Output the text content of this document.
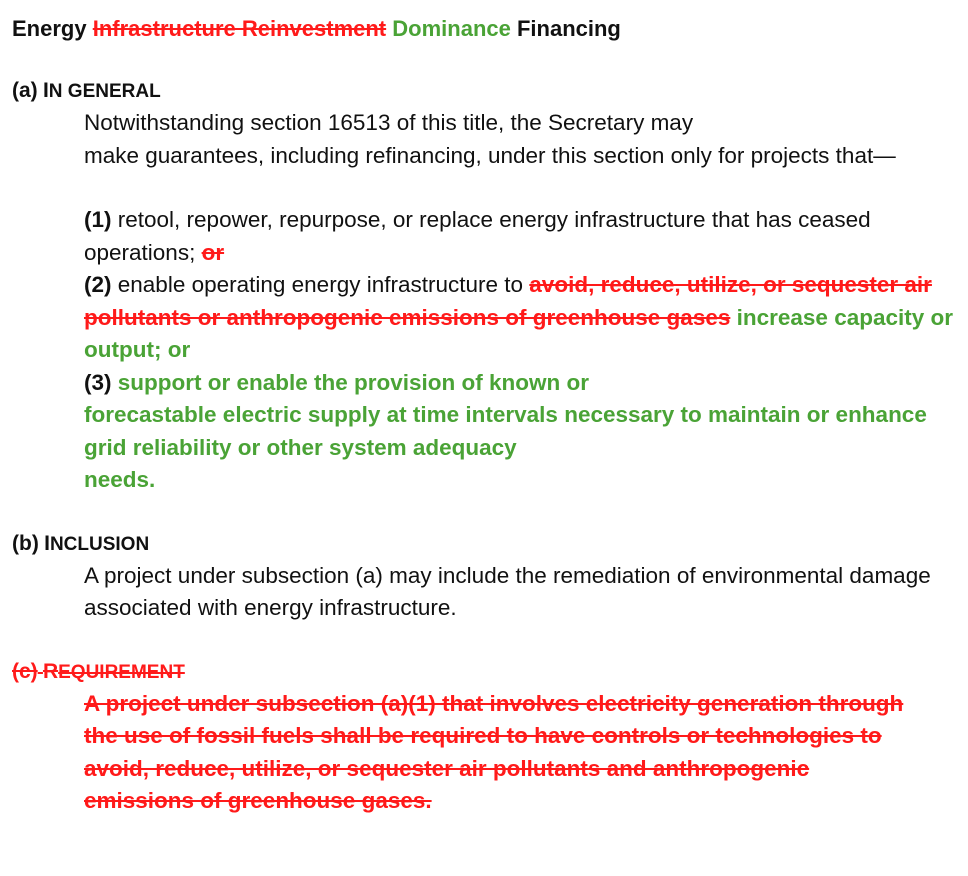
Energy Infrastructure Reinvestment Dominance Financing
(a) IN GENERAL

Notwithstanding section 16513 of this title, the Secretary may
make guarantees, including refinancing, under this section only for projects that—

(1) retool, repower, repurpose, or replace energy infrastructure that has ceased operations; or

(2) enable operating energy infrastructure to avoid, reduce, utilize, or sequester air pollutants or anthropogenic emissions of greenhouse gases increase capacity or output; or

(3) support or enable the provision of known or
forecastable electric supply at time intervals necessary to maintain or enhance grid reliability or other system adequacy
needs.

(b) INCLUSION

A project under subsection (a) may include the remediation of environmental damage associated with energy infrastructure.

(c) REQUIREMENT

A project under subsection (a)(1) that involves electricity generation through the use of fossil fuels shall be required to have controls or technologies to avoid, reduce, utilize, or sequester air pollutants and anthropogenic emissions of greenhouse gases.
